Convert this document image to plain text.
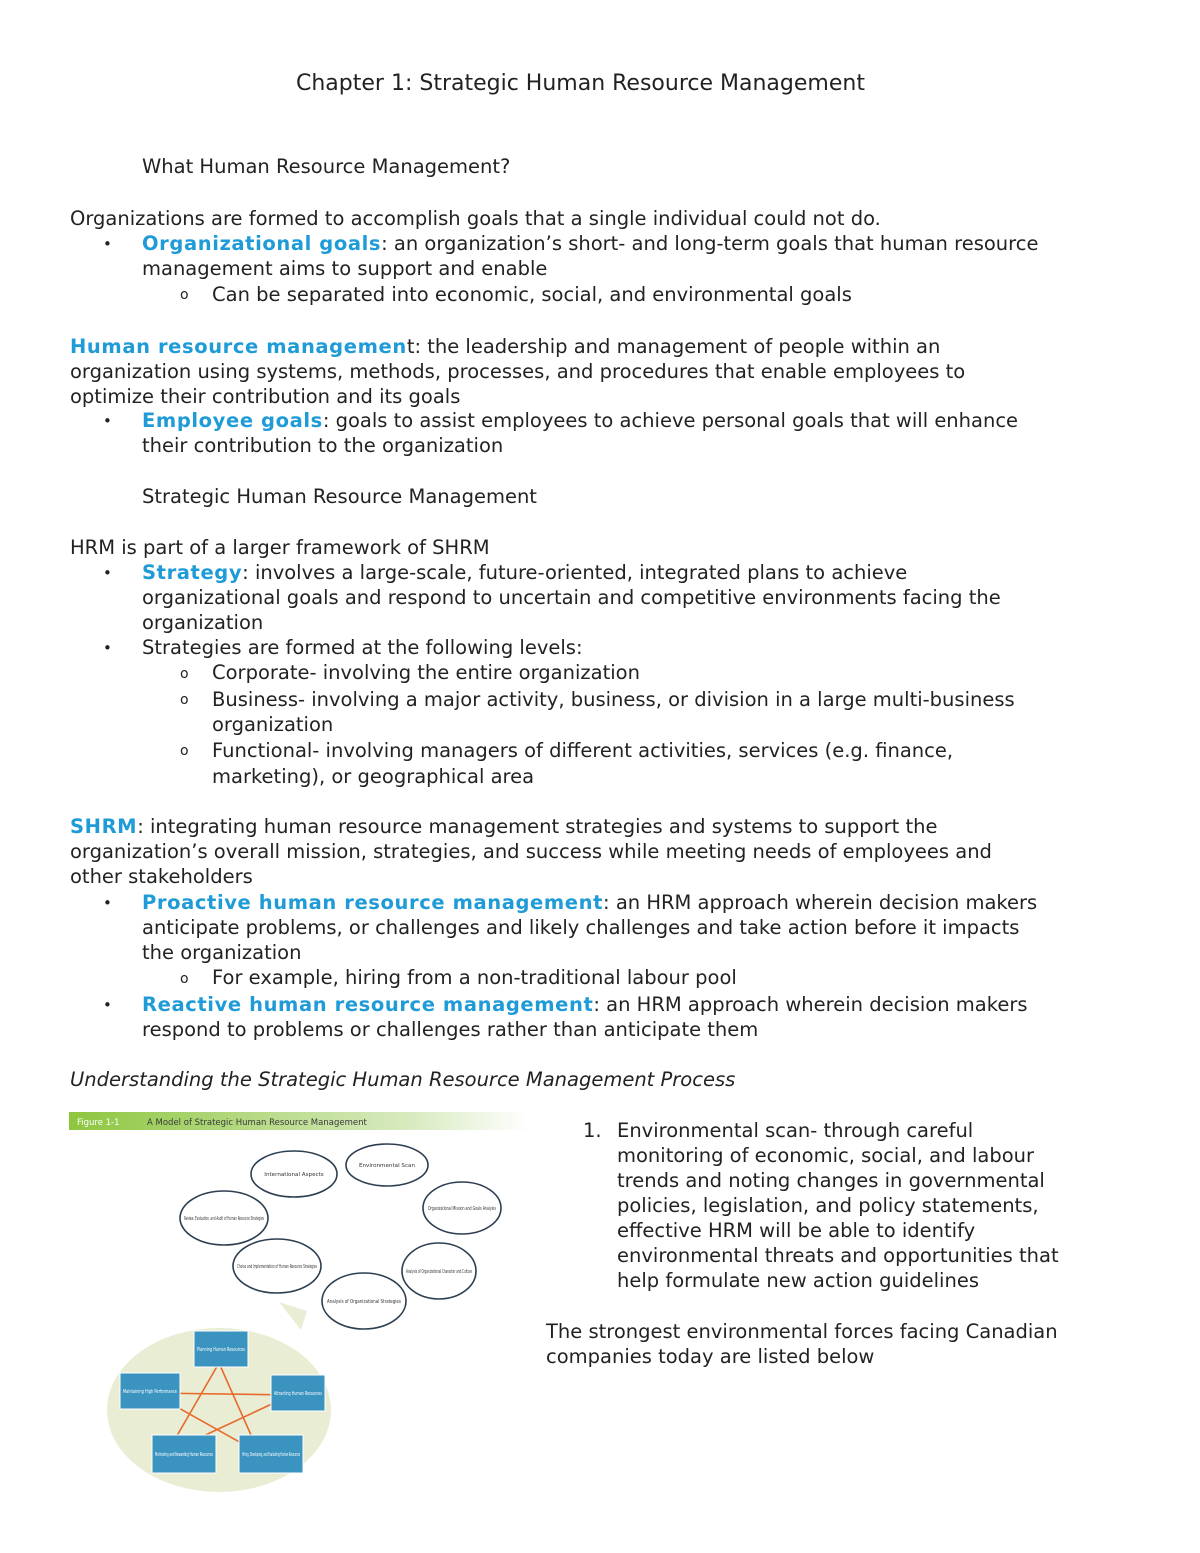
Chapter 1: Strategic Human Resource Management
What Human Resource Management?
Organizations are formed to accomplish goals that a single individual could not do.
• Organizational goals: an organization’s short- and long-term goals that human resource
management aims to support and enable
o Can be separated into economic, social, and environmental goals
Human resource management: the leadership and management of people within an
organization using systems, methods, processes, and procedures that enable employees to
optimize their contribution and its goals
• Employee goals: goals to assist employees to achieve personal goals that will enhance
their contribution to the organization
Strategic Human Resource Management
HRM is part of a larger framework of SHRM
• Strategy: involves a large-scale, future-oriented, integrated plans to achieve
organizational goals and respond to uncertain and competitive environments facing the
organization
• Strategies are formed at the following levels:
o Corporate- involving the entire organization
o Business- involving a major activity, business, or division in a large multi-business
organization
o Functional- involving managers of different activities, services (e.g. finance,
marketing), or geographical area
SHRM: integrating human resource management strategies and systems to support the
organization’s overall mission, strategies, and success while meeting needs of employees and
other stakeholders
• Proactive human resource management: an HRM approach wherein decision makers
anticipate problems, or challenges and likely challenges and take action before it impacts
the organization
o For example, hiring from a non-traditional labour pool
• Reactive human resource management: an HRM approach wherein decision makers
respond to problems or challenges rather than anticipate them
Understanding the Strategic Human Resource Management Process
Figure 1-1	A Model of Strategic Human Resource Management
International Aspects
Environmental Scan
Organizational Mission and Goals Analysis
Review, Evaluation, and Audit of Human Resource Strategies
Choice and Implementation of Human Resource Strategies
Analysis of Organizational Character and Culture
Analysis of Organizational Strategies
Planning Human Resources
Attracting Human Resources
Motivating and Rewarding Human Resources
Maintaining High Performance
1. Environmental scan- through careful
monitoring of economic, social, and labour
trends and noting changes in governmental
policies, legislation, and policy statements,
effective HRM will be able to identify
environmental threats and opportunities that
help formulate new action guidelines
The strongest environmental forces facing Canadian
companies today are listed below
